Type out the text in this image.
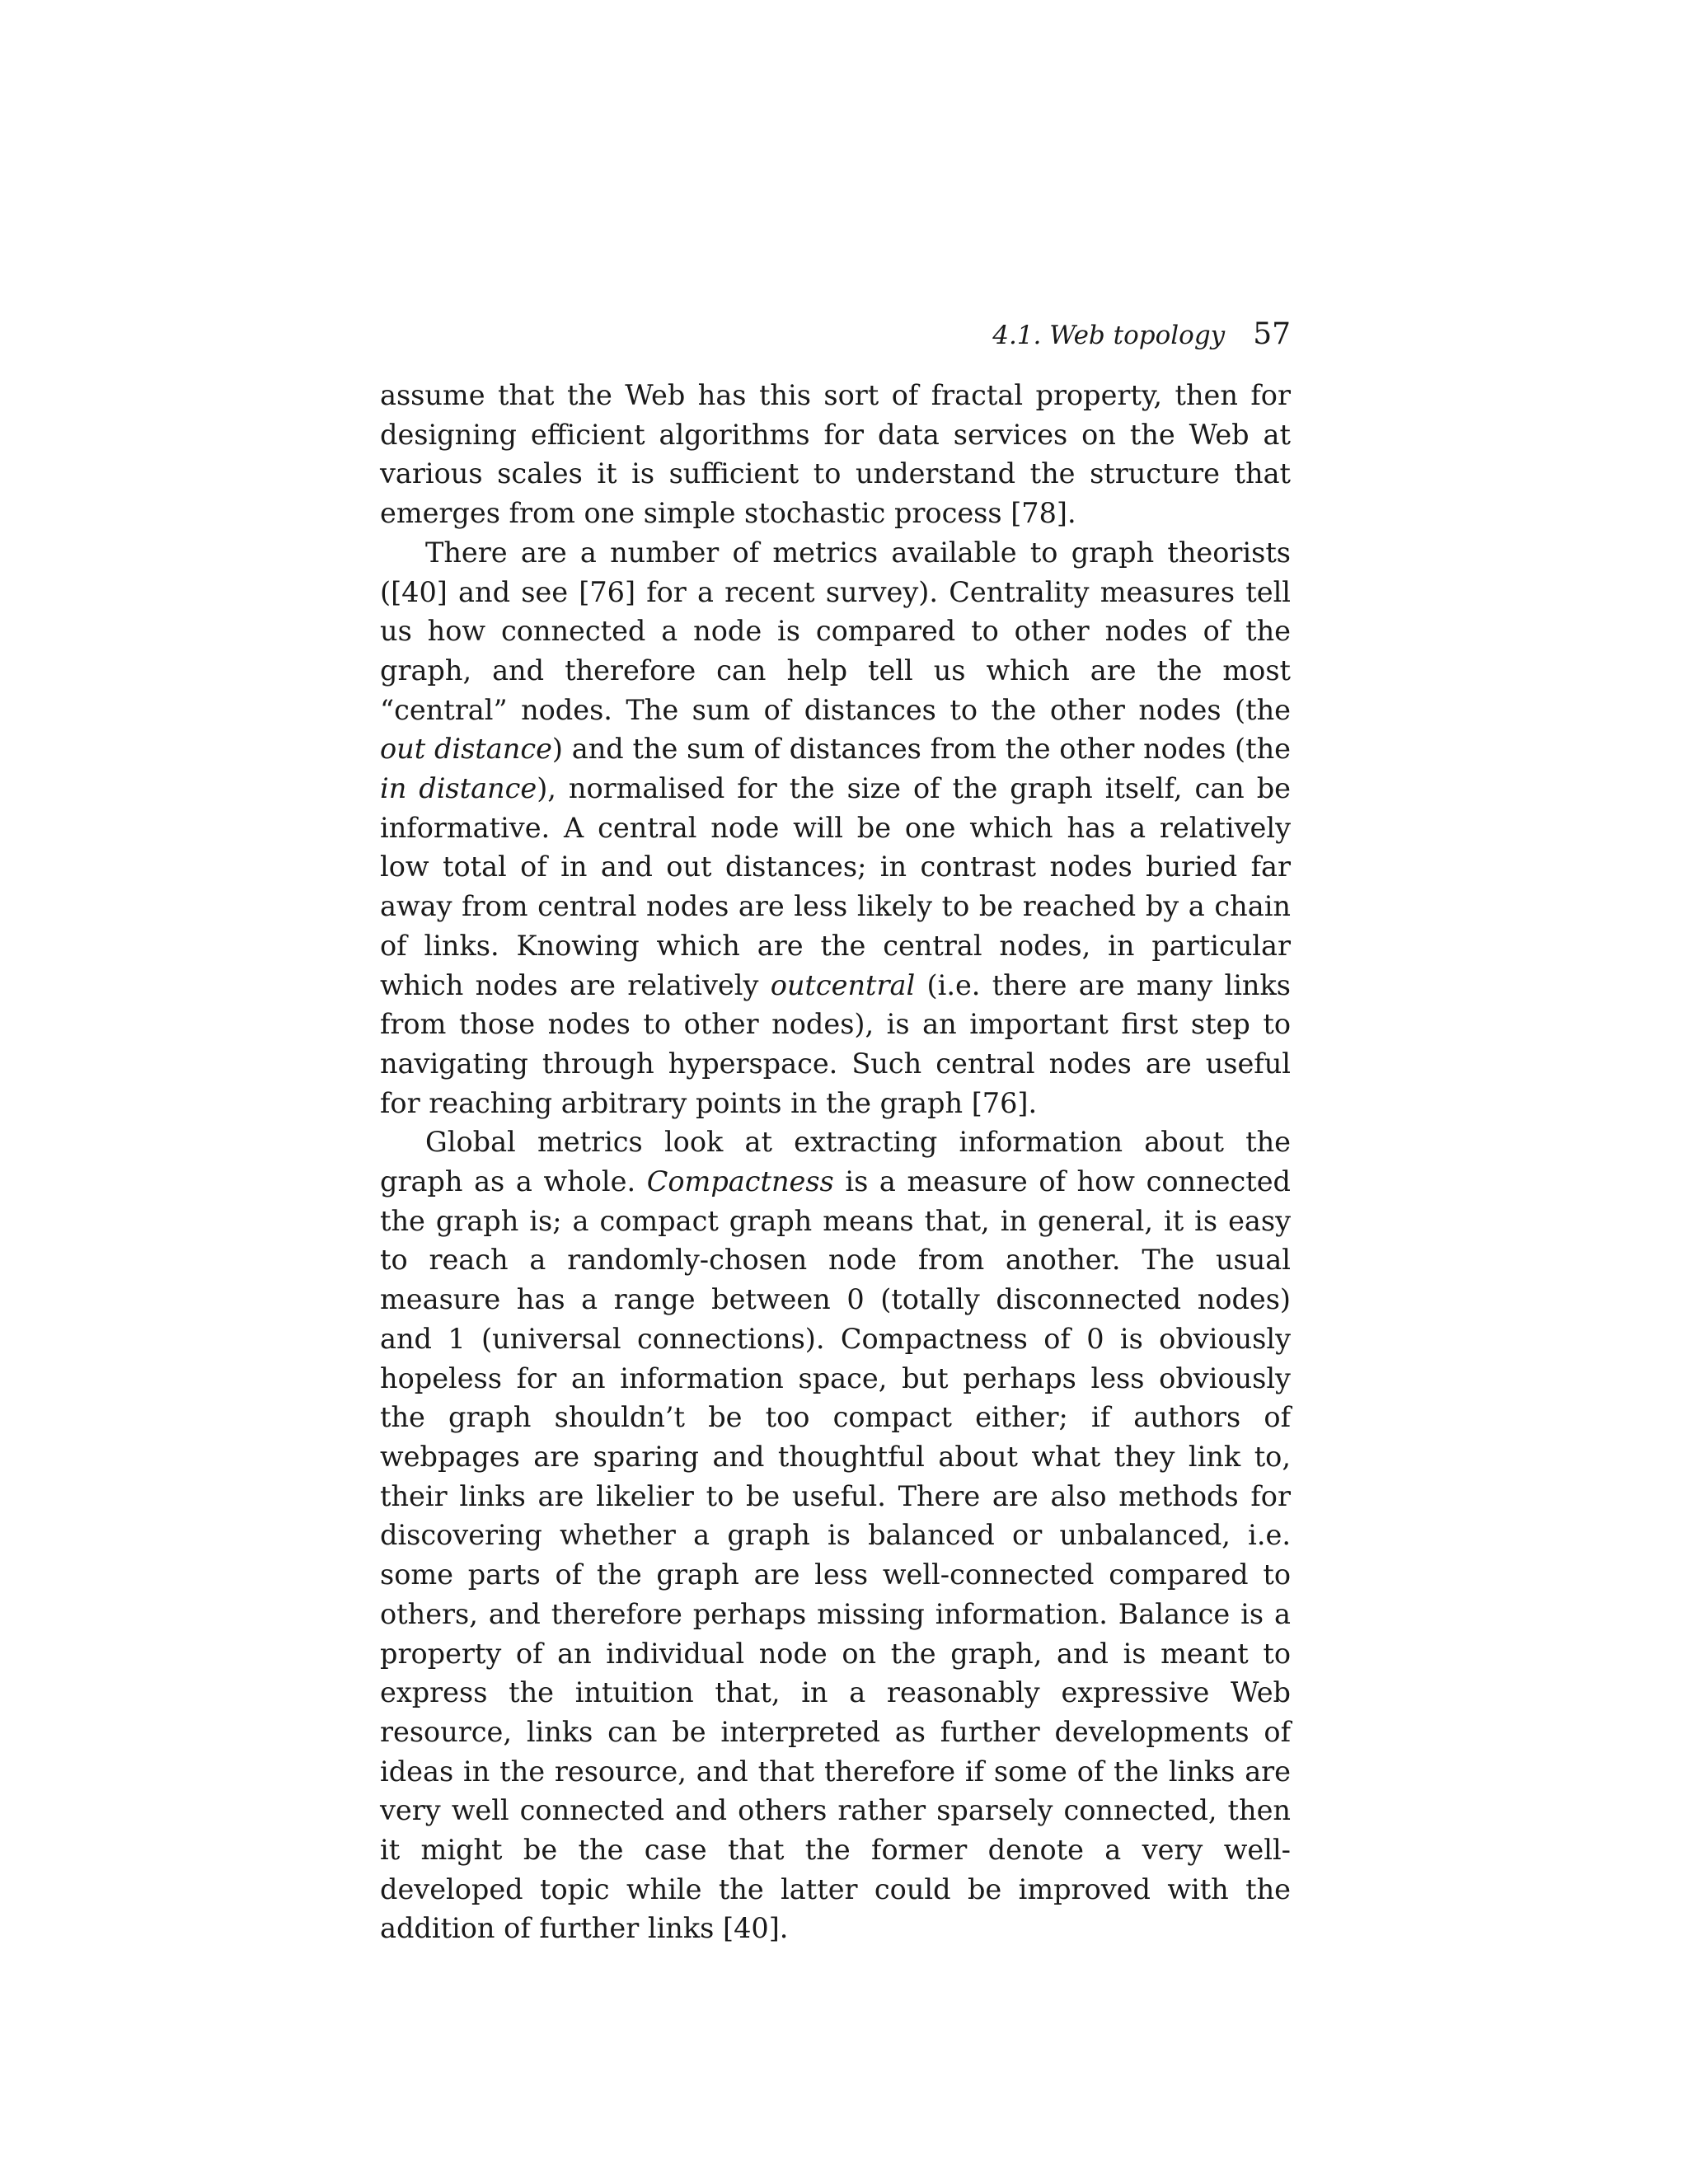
4.1. Web topology 57

assume that the Web has this sort of fractal property, then for designing efficient algorithms for data services on the Web at various scales it is sufficient to understand the structure that emerges from one simple stochastic process [78].

There are a number of metrics available to graph theorists ([40] and see [76] for a recent survey). Centrality measures tell us how connected a node is compared to other nodes of the graph, and therefore can help tell us which are the most “central” nodes. The sum of distances to the other nodes (the out distance) and the sum of distances from the other nodes (the in distance), normalised for the size of the graph itself, can be informative. A central node will be one which has a relatively low total of in and out distances; in contrast nodes buried far away from central nodes are less likely to be reached by a chain of links. Knowing which are the central nodes, in particular which nodes are relatively outcentral (i.e. there are many links from those nodes to other nodes), is an important first step to navigating through hyperspace. Such central nodes are useful for reaching arbitrary points in the graph [76].

Global metrics look at extracting information about the graph as a whole. Compactness is a measure of how connected the graph is; a compact graph means that, in general, it is easy to reach a randomly-chosen node from another. The usual measure has a range between 0 (totally disconnected nodes) and 1 (universal connections). Compactness of 0 is obviously hopeless for an information space, but perhaps less obviously the graph shouldn’t be too compact either; if authors of webpages are sparing and thoughtful about what they link to, their links are likelier to be useful. There are also methods for discovering whether a graph is balanced or unbalanced, i.e. some parts of the graph are less well-connected compared to others, and therefore perhaps missing information. Balance is a property of an individual node on the graph, and is meant to express the intuition that, in a reasonably expressive Web resource, links can be interpreted as further developments of ideas in the resource, and that therefore if some of the links are very well connected and others rather sparsely connected, then it might be the case that the former denote a very well-developed topic while the latter could be improved with the addition of further links [40].
